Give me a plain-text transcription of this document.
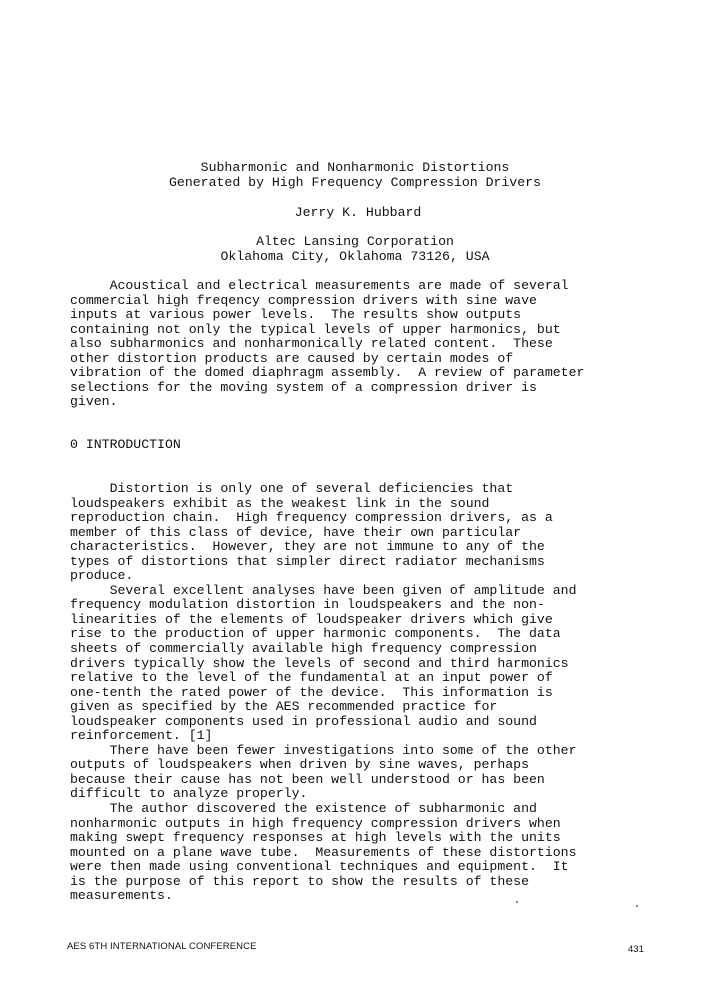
Subharmonic and Nonharmonic Distortions
Generated by High Frequency Compression Drivers
Jerry K. Hubbard
Altec Lansing Corporation
Oklahoma City, Oklahoma 73126, USA
Acoustical and electrical measurements are made of several
commercial high freqency compression drivers with sine wave
inputs at various power levels.  The results show outputs
containing not only the typical levels of upper harmonics, but
also subharmonics and nonharmonically related content.  These
other distortion products are caused by certain modes of
vibration of the domed diaphragm assembly.  A review of parameter
selections for the moving system of a compression driver is
given.
0 INTRODUCTION
Distortion is only one of several deficiencies that
loudspeakers exhibit as the weakest link in the sound
reproduction chain.  High frequency compression drivers, as a
member of this class of device, have their own particular
characteristics.  However, they are not immune to any of the
types of distortions that simpler direct radiator mechanisms
produce.
Several excellent analyses have been given of amplitude and
frequency modulation distortion in loudspeakers and the non-
linearities of the elements of loudspeaker drivers which give
rise to the production of upper harmonic components.  The data
sheets of commercially available high frequency compression
drivers typically show the levels of second and third harmonics
relative to the level of the fundamental at an input power of
one-tenth the rated power of the device.  This information is
given as specified by the AES recommended practice for
loudspeaker components used in professional audio and sound
reinforcement. [1]
There have been fewer investigations into some of the other
outputs of loudspeakers when driven by sine waves, perhaps
because their cause has not been well understood or has been
difficult to analyze properly.
The author discovered the existence of subharmonic and
nonharmonic outputs in high frequency compression drivers when
making swept frequency responses at high levels with the units
mounted on a plane wave tube.  Measurements of these distortions
were then made using conventional techniques and equipment.  It
is the purpose of this report to show the results of these
measurements.
AES 6TH INTERNATIONAL CONFERENCE	431
